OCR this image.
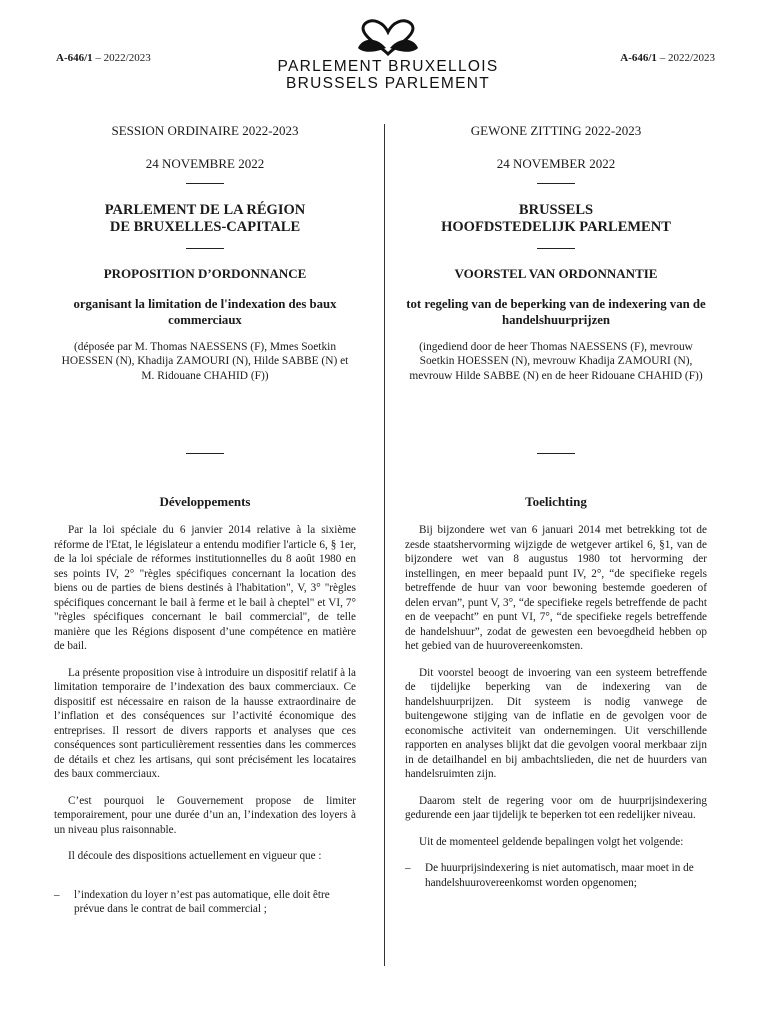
A-646/1 – 2022/2023	A-646/1 – 2022/2023
PARLEMENT BRUXELLOIS
BRUSSELS PARLEMENT
SESSION ORDINAIRE 2022-2023
24 NOVEMBRE 2022
PARLEMENT DE LA RÉGION
DE BRUXELLES-CAPITALE
PROPOSITION D’ORDONNANCE
organisant la limitation de l'indexation des baux commerciaux
(déposée par M. Thomas NAESSENS (F), Mmes Soetkin HOESSEN (N), Khadija ZAMOURI (N), Hilde SABBE (N) et M. Ridouane CHAHID (F))
Développements

Par la loi spéciale du 6 janvier 2014 relative à la sixième réforme de l'Etat, le législateur a entendu modifier l'article 6, § 1er, de la loi spéciale de réformes institutionnelles du 8 août 1980 en ses points IV, 2° "règles spécifiques concernant la location des biens ou de parties de biens destinés à l'habitation", V, 3° "règles spécifiques concernant le bail à ferme et le bail à cheptel" et VI, 7° "règles spécifiques concernant le bail commercial", de telle manière que les Régions disposent d’une compétence en matière de bail.

La présente proposition vise à introduire un dispositif relatif à la limitation temporaire de l’indexation des baux commerciaux. Ce dispositif est nécessaire en raison de la hausse extraordinaire de l’inflation et des conséquences sur l’activité économique des entreprises. Il ressort de divers rapports et analyses que ces conséquences sont particulièrement ressenties dans les commerces de détails et chez les artisans, qui sont précisément les locataires des baux commerciaux.

C’est pourquoi le Gouvernement propose de limiter temporairement, pour une durée d’un an, l’indexation des loyers à un niveau plus raisonnable.

Il découle des dispositions actuellement en vigueur que :

–	l’indexation du loyer n’est pas automatique, elle doit être prévue dans le contrat de bail commercial ;
GEWONE ZITTING 2022-2023
24 NOVEMBER 2022
BRUSSELS
HOOFDSTEDELIJK PARLEMENT
VOORSTEL VAN ORDONNANTIE
tot regeling van de beperking van de indexering van de handelshuurprijzen
(ingediend door de heer Thomas NAESSENS (F), mevrouw Soetkin HOESSEN (N), mevrouw Khadija ZAMOURI (N), mevrouw Hilde SABBE (N) en de heer Ridouane CHAHID (F))
Toelichting

Bij bijzondere wet van 6 januari 2014 met betrekking tot de zesde staatshervorming wijzigde de wetgever artikel 6, §1, van de bijzondere wet van 8 augustus 1980 tot hervorming der instellingen, en meer bepaald punt IV, 2°, “de specifieke regels betreffende de huur van voor bewoning bestemde goederen of delen ervan”, punt V, 3°, “de specifieke regels betreffende de pacht en de veepacht” en punt VI, 7°, “de specifieke regels betreffende de handelshuur”, zodat de gewesten een bevoegdheid hebben op het gebied van de huurovereenkomsten.

Dit voorstel beoogt de invoering van een systeem betreffende de tijdelijke beperking van de indexering van de handelshuurprijzen. Dit systeem is nodig vanwege de buitengewone stijging van de inflatie en de gevolgen voor de economische activiteit van ondernemingen. Uit verschillende rapporten en analyses blijkt dat die gevolgen vooral merkbaar zijn in de detailhandel en bij ambachtslieden, die net de huurders van handelsruimten zijn.

Daarom stelt de regering voor om de huurprijsindexering gedurende een jaar tijdelijk te beperken tot een redelijker niveau.

Uit de momenteel geldende bepalingen volgt het volgende:

–	De huurprijsindexering is niet automatisch, maar moet in de handelshuurovereenkomst worden opgenomen;
